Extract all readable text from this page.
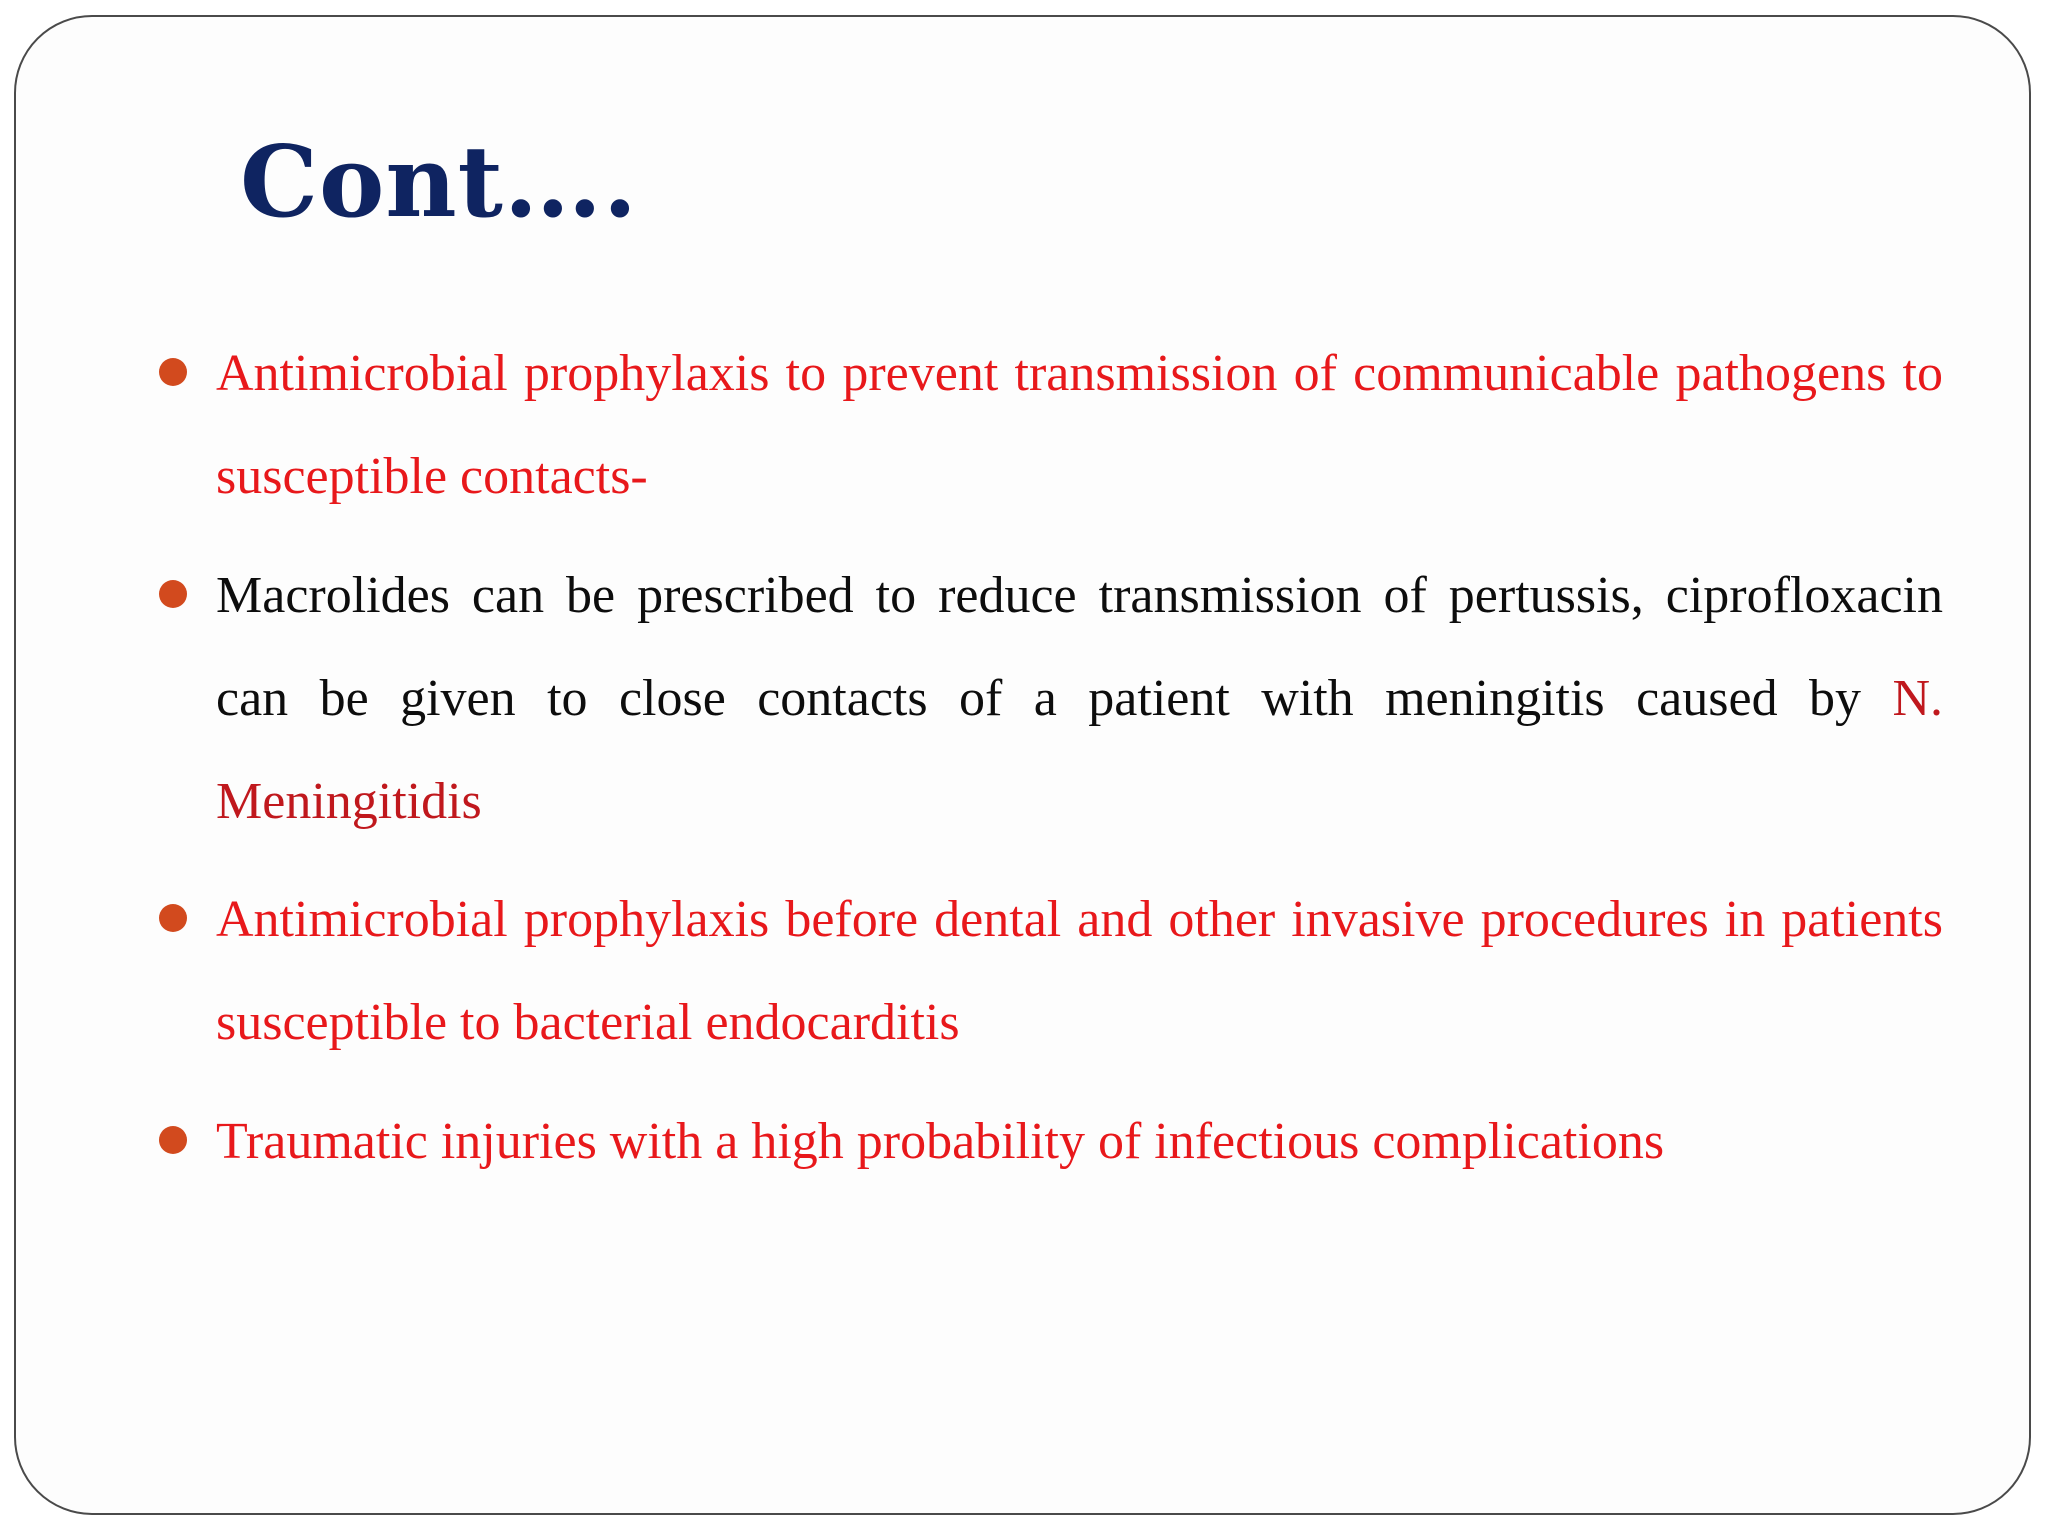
Cont….
Antimicrobial prophylaxis to prevent transmission of communicable pathogens to susceptible contacts-
Macrolides can be prescribed to reduce transmission of pertussis, ciprofloxacin can be given to close contacts of a patient with meningitis caused by N. Meningitidis
Antimicrobial prophylaxis before dental and other invasive procedures in patients susceptible to bacterial endocarditis
Traumatic injuries with a high probability of infectious complications
